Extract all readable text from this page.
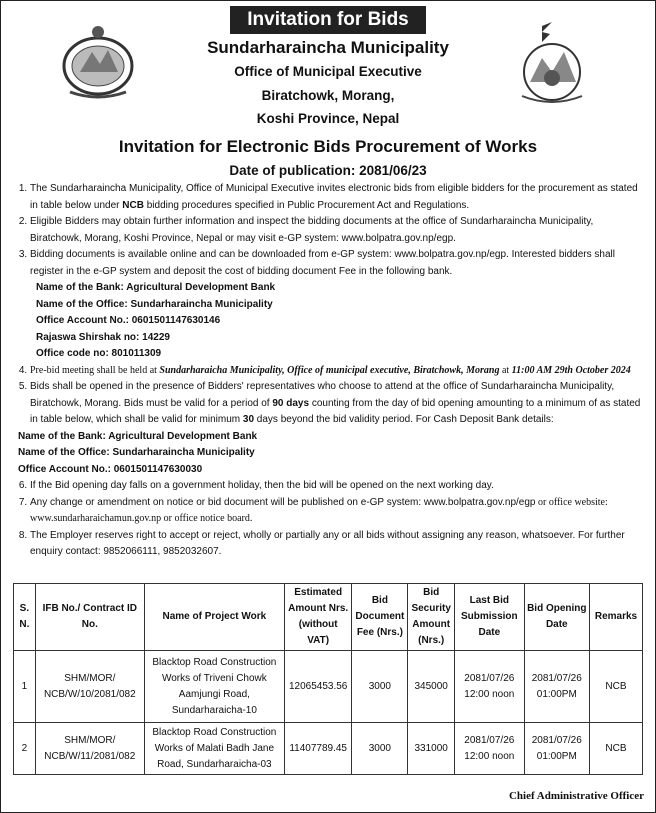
Invitation for Bids
Sundarharaincha Municipality
Office of Municipal Executive
Biratchowk, Morang,
Koshi Province, Nepal
Invitation for Electronic Bids Procurement of Works
Date of publication: 2081/06/23
1. The Sundarharaincha Municipality, Office of Municipal Executive invites electronic bids from eligible bidders for the procurement as stated in table below under NCB bidding procedures specified in Public Procurement Act and Regulations.
2. Eligible Bidders may obtain further information and inspect the bidding documents at the office of Sundarharaincha Municipality, Biratchowk, Morang, Koshi Province, Nepal or may visit e-GP system: www.bolpatra.gov.np/egp.
3. Bidding documents is available online and can be downloaded from e-GP system: www.bolpatra.gov.np/egp. Interested bidders shall register in the e-GP system and deposit the cost of bidding document Fee in the following bank.
Name of the Bank: Agricultural Development Bank
Name of the Office: Sundarharaincha Municipality
Office Account No.: 0601501147630146
Rajaswa Shirshak no: 14229
Office code no: 801011309
4. Pre-bid meeting shall be held at Sundarharaicha Municipality, Office of municipal executive, Biratchowk, Morang at 11:00 AM 29th October 2024
5. Bids shall be opened in the presence of Bidders' representatives who choose to attend at the office of Sundarharaincha Municipality, Biratchowk, Morang. Bids must be valid for a period of 90 days counting from the day of bid opening amounting to a minimum of as stated in table below, which shall be valid for minimum 30 days beyond the bid validity period. For Cash Deposit Bank details:
Name of the Bank: Agricultural Development Bank
Name of the Office: Sundarharaincha Municipality
Office Account No.: 0601501147630030
6. If the Bid opening day falls on a government holiday, then the bid will be opened on the next working day.
7. Any change or amendment on notice or bid document will be published on e-GP system: www.bolpatra.gov.np/egp or office website: www.sundarharaichamun.gov.np or office notice board.
8. The Employer reserves right to accept or reject, wholly or partially any or all bids without assigning any reason, whatsoever. For further enquiry contact: 9852066111, 9852032607.
S. N.	IFB No./ Contract ID No.	Name of Project Work	Estimated Amount Nrs. (without VAT)	Bid Document Fee (Nrs.)	Bid Security Amount (Nrs.)	Last Bid Submission Date	Bid Opening Date	Remarks
1	SHM/MOR/ NCB/W/10/2081/082	Blacktop Road Construction Works of Triveni Chowk Aamjungi Road, Sundarharaicha-10	12065453.56	3000	345000	2081/07/26 12:00 noon	2081/07/26 01:00PM	NCB
2	SHM/MOR/ NCB/W/11/2081/082	Blacktop Road Construction Works of Malati Badh Jane Road, Sundarharaicha-03	11407789.45	3000	331000	2081/07/26 12:00 noon	2081/07/26 01:00PM	NCB
Chief Administrative Officer
